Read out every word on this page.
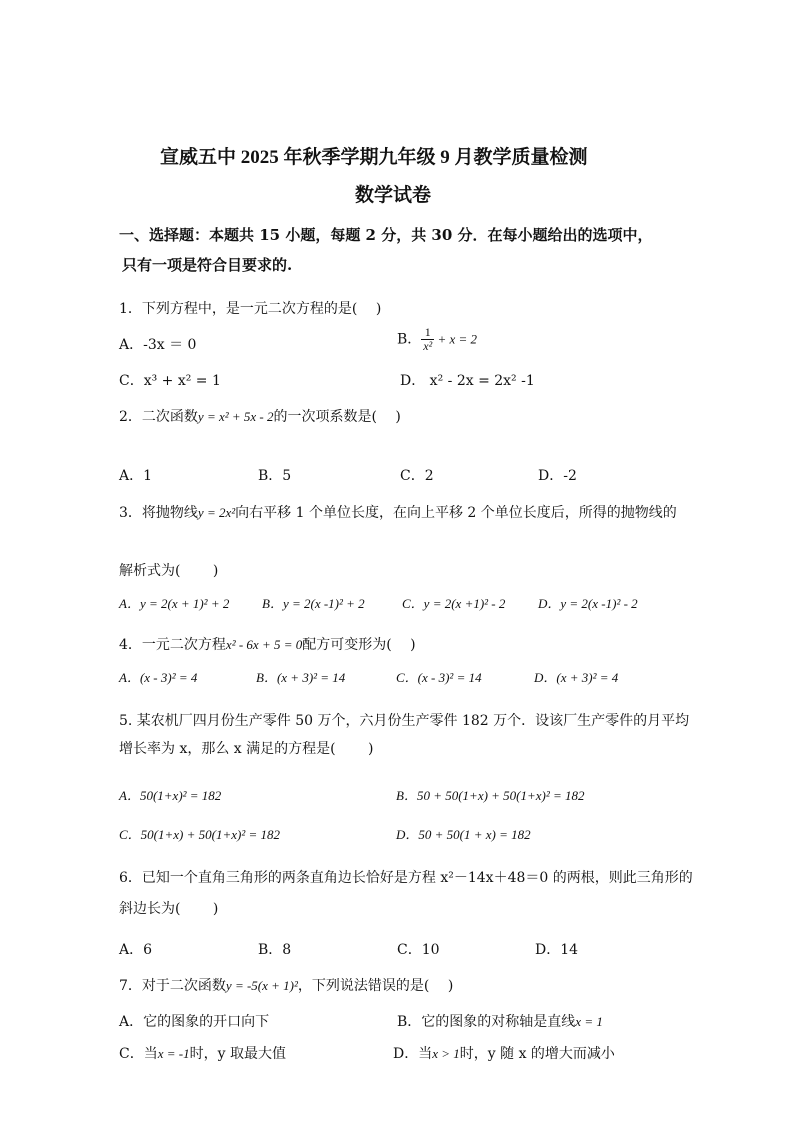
宣威五中 2025 年秋季学期九年级 9 月教学质量检测
数学试卷
一、选择题：本题共 15 小题，每题 2 分，共 30 分．在每小题给出的选项中，
只有一项是符合目要求的.
1．下列方程中，是一元二次方程的是(　 )
A．-3x ＝ 0	B． $\frac{1}{\text{x²}} + x = 2$
C．x³ + x² = 1	D． x² - 2x = 2x² -1
2．二次函数y = x² + 5x - 2的一次项系数是(　 )
A．1	B．5	C．2	D．-2
3．将抛物线y = 2x²向右平移 1 个单位长度，在向上平移 2 个单位长度后，所得的抛物线的
解析式为(　 　)
A．y = 2(x + 1)² + 2	B．y = 2(x -1)² + 2	C．y = 2(x +1)² - 2	D．y = 2(x -1)² - 2
4．一元二次方程x² - 6x + 5 = 0配方可变形为(　 )
A．(x - 3)² = 4	B．(x + 3)² = 14	C．(x - 3)² = 14	D．(x + 3)² = 4
5. 某农机厂四月份生产零件 50 万个，六月份生产零件 182 万个．设该厂生产零件的月平均
增长率为 x，那么 x 满足的方程是(　 　)
A．50(1+x)² = 182	B．50 + 50(1+x) + 50(1+x)² = 182
C．50(1+x) + 50(1+x)² = 182	D．50 + 50(1 + x) = 182
6．已知一个直角三角形的两条直角边长恰好是方程 x²－14x＋48＝0 的两根，则此三角形的
斜边长为(　 　)
A．6	B．8	C．10	D．14
7．对于二次函数y = -5(x + 1)²，下列说法错误的是(　 )
A．它的图象的开口向下	B．它的图象的对称轴是直线x = 1
C．当x = -1时，y 取最大值	D．当x > 1时，y 随 x 的增大而减小
